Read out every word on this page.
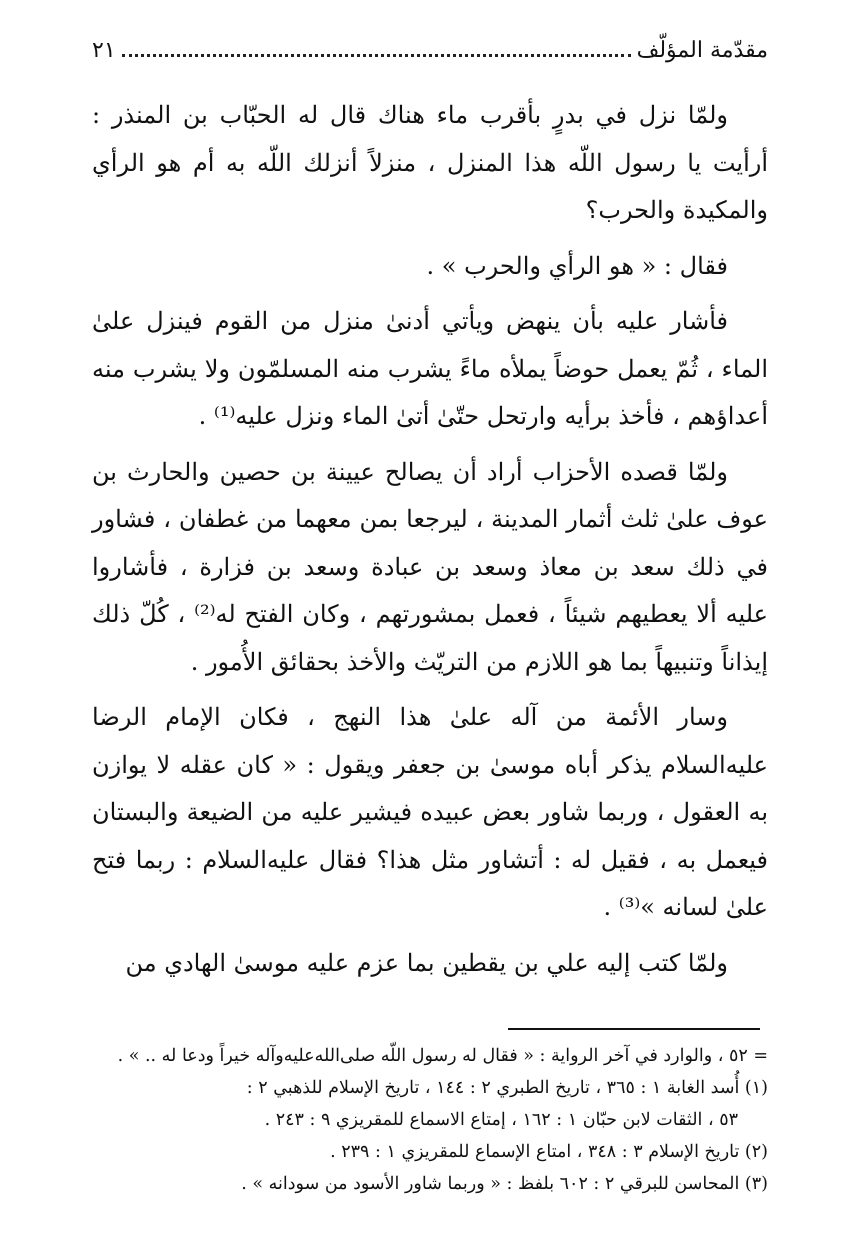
مقدّمة المؤلّف
٢١

ولمّا نزل في بدرٍ بأقرب ماء هناك قال له الحبّاب بن المنذر : أرأيت يا رسول اللّه هذا المنزل ، منزلاً أنزلك اللّه به أم هو الرأي والمكيدة والحرب؟

فقال : « هو الرأي والحرب » .

فأشار عليه بأن ينهض ويأتي أدنىٰ منزل من القوم فينزل علىٰ الماء ، ثُمّ يعمل حوضاً يملأه ماءً يشرب منه المسلمّون ولا يشرب منه أعداؤهم ، فأخذ برأيه وارتحل حتّىٰ أتىٰ الماء ونزل عليه⁽¹⁾ .

ولمّا قصده الأحزاب أراد أن يصالح عيينة بن حصين والحارث بن عوف علىٰ ثلث أثمار المدينة ، ليرجعا بمن معهما من غطفان ، فشاور في ذلك سعد بن معاذ وسعد بن عبادة وسعد بن فزارة ، فأشاروا عليه ألا يعطيهم شيئاً ، فعمل بمشورتهم ، وكان الفتح له⁽²⁾ ، كُلّ ذلك إيذاناً وتنبيهاً بما هو اللازم من التريّث والأخذ بحقائق الأُمور .

وسار الأئمة من آله علىٰ هذا النهج ، فكان الإمام الرضا عليه‌السلام يذكر أباه موسىٰ بن جعفر ويقول : « كان عقله لا يوازن به العقول ، وربما شاور بعض عبيده فيشير عليه من الضيعة والبستان فيعمل به ، فقيل له : أتشاور مثل هذا؟ فقال عليه‌السلام : ربما فتح علىٰ لسانه »⁽³⁾ .

ولمّا كتب إليه علي بن يقطين بما عزم عليه موسىٰ الهادي من

= ٥٢ ، والوارد في آخر الرواية : « فقال له رسول اللّه صلى‌الله‌عليه‌وآله خيراً ودعا له .. » .

(١) أُسد الغابة ١ : ٣٦٥ ، تاريخ الطبري ٢ : ١٤٤ ، تاريخ الإسلام للذهبي ٢ :

٥٣ ، الثقات لابن حبّان ١ : ١٦٢ ، إمتاع الاسماع للمقريزي ٩ : ٢٤٣ .

(٢) تاريخ الإسلام ٣ : ٣٤٨ ، امتاع الإسماع للمقريزي ١ : ٢٣٩ .

(٣) المحاسن للبرقي ٢ : ٦٠٢ بلفظ : « وربما شاور الأسود من سودانه » .
